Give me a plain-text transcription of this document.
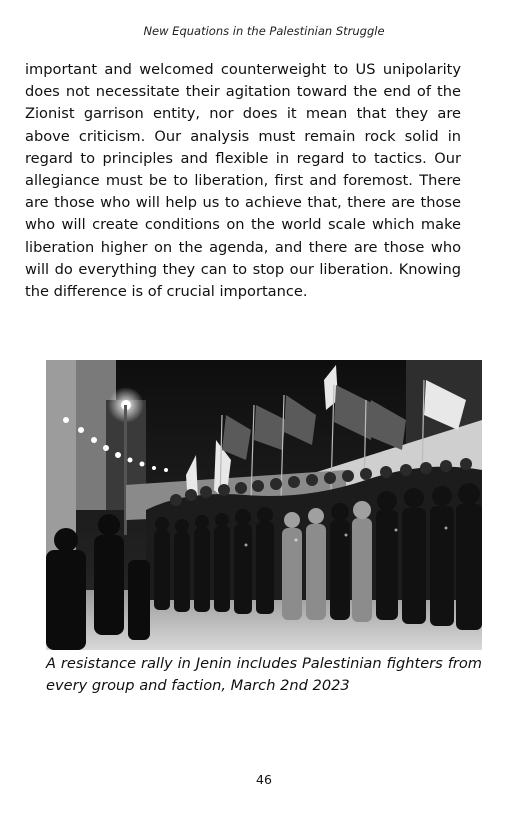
New Equations in the Palestinian Struggle

important and welcomed counterweight to US unipolarity does not necessitate their agitation toward the end of the Zionist garrison entity, nor does it mean that they are above criticism. Our analysis must remain rock solid in regard to principles and flexible in regard to tactics. Our allegiance must be to liberation, first and foremost. There are those who will help us to achieve that, there are those who will create conditions on the world scale which make liberation higher on the agenda, and there are those who will do everything they can to stop our liberation. Knowing the difference is of crucial importance.

A resistance rally in Jenin includes Palestinian fighters from every group and faction, March 2nd 2023

46
